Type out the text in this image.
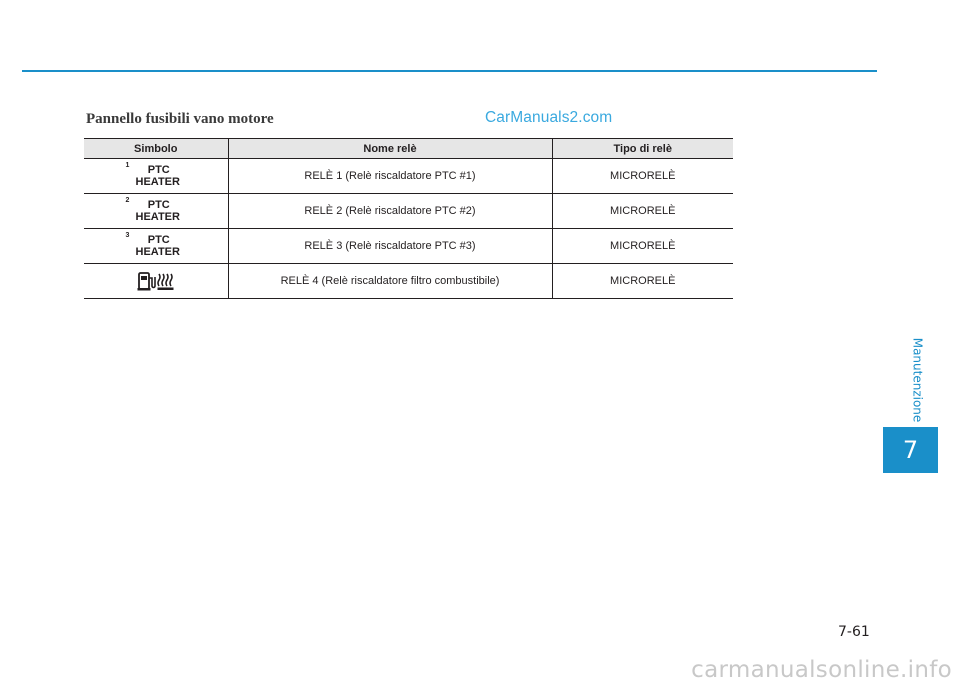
Pannello fusibili vano motore	CarManuals2.com
Simbolo	Nome relè	Tipo di relè

1 PTC
HEATER	RELÈ 1 (Relè riscaldatore PTC #1)	MICRORELÈ

2 PTC
HEATER	RELÈ 2 (Relè riscaldatore PTC #2)	MICRORELÈ

3 PTC
HEATER	RELÈ 3 (Relè riscaldatore PTC #3)	MICRORELÈ
	RELÈ 4 (Relè riscaldatore filtro combustibile)	MICRORELÈ
Manutenzione
7
7-61
carmanualsonline.info
